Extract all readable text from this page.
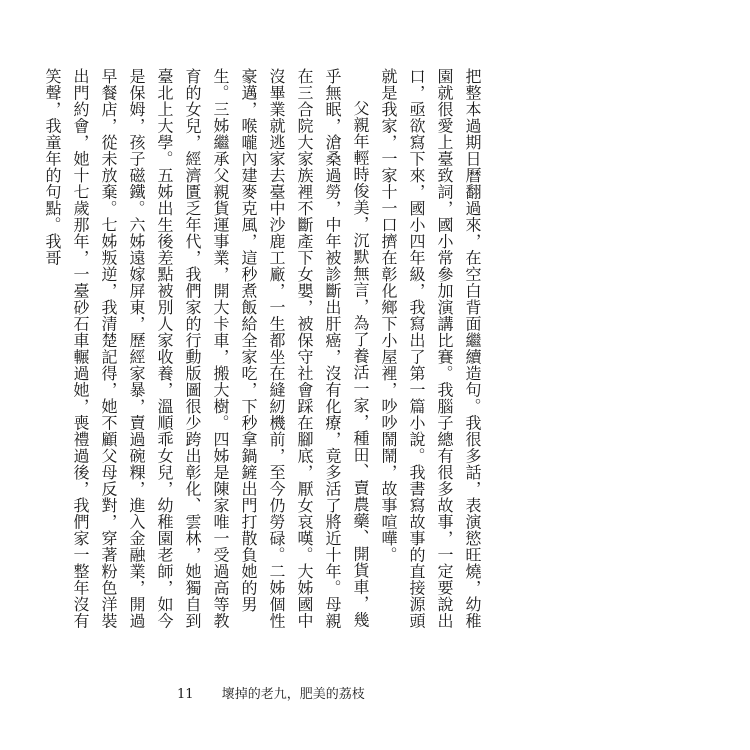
把整本過期日曆翻過來，在空白背面繼續造句。我很多話，表演慾旺燒，幼稚園就很愛上臺致詞，國小常參加演講比賽。我腦子總有很多故事，一定要說出口，亟欲寫下來，國小四年級，我寫出了第一篇小說。我書寫故事的直接源頭就是我家，一家十一口擠在彰化鄉下小屋裡，吵吵鬧鬧，故事喧嘩。

父親年輕時俊美，沉默無言，為了養活一家，種田、賣農藥、開貨車，幾乎無眠，滄桑過勞，中年被診斷出肝癌，沒有化療，竟多活了將近十年。母親在三合院大家族裡不斷產下女嬰，被保守社會踩在腳底，厭女哀嘆。大姊國中沒畢業就逃家去臺中沙鹿工廠，一生都坐在縫紉機前，至今仍勞碌。二姊個性豪邁，喉嚨內建麥克風，這秒煮飯給全家吃，下秒拿鍋鏟出門打散負她的男生。三姊繼承父親貨運事業，開大卡車，搬大樹。四姊是陳家唯一受過高等教育的女兒，經濟匱乏年代，我們家的行動版圖很少跨出彰化、雲林，她獨自到臺北上大學。五姊出生後差點被別人家收養，溫順乖女兒，幼稚園老師，如今是保姆，孩子磁鐵。六姊遠嫁屏東，歷經家暴，賣過碗粿，進入金融業，開過早餐店，從未放棄。七姊叛逆，我清楚記得，她不顧父母反對，穿著粉色洋裝出門約會，她十七歲那年，一臺砂石車輾過她，喪禮過後，我們家一整年沒有笑聲，我童年的句點。我哥

11 壞掉的老九，肥美的荔枝
